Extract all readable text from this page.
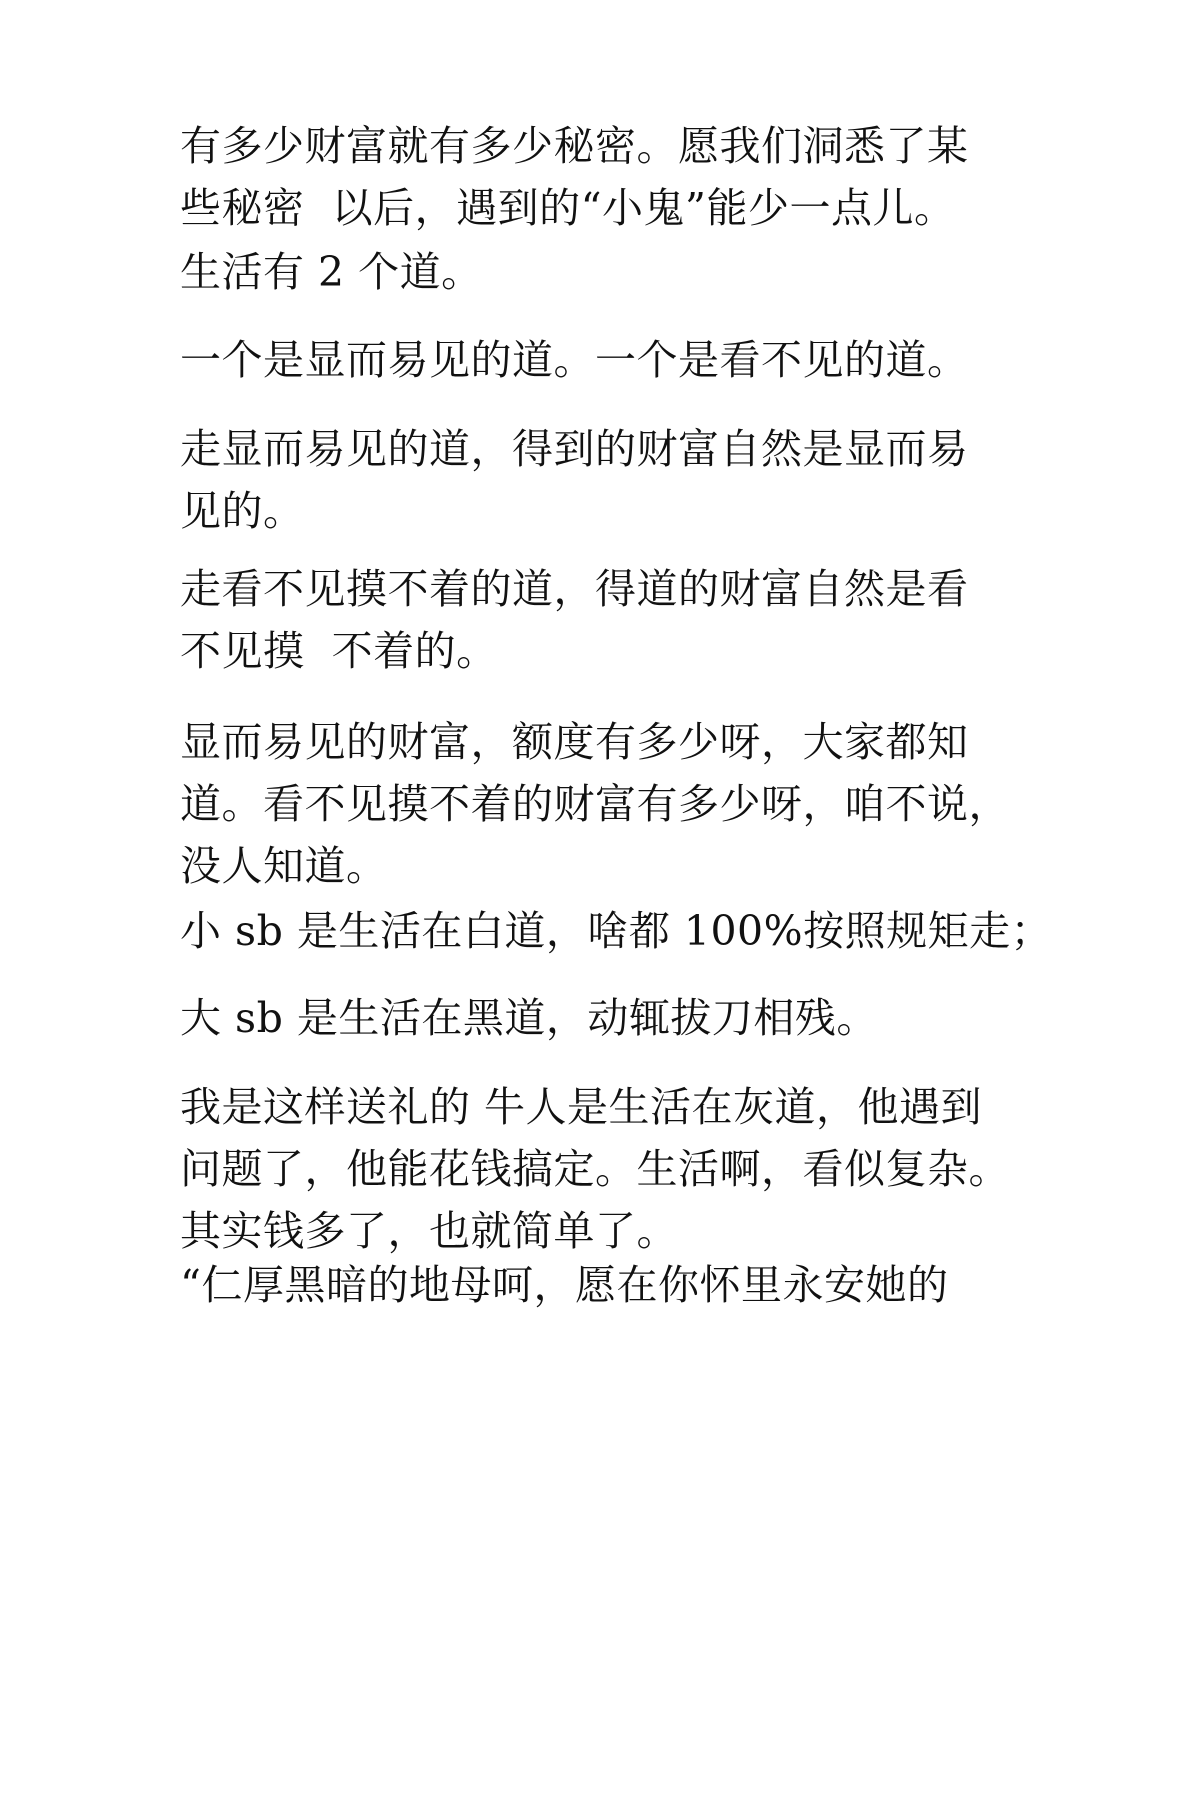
有多少财富就有多少秘密。愿我们洞悉了某
些秘密  以后，遇到的“小鬼”能少一点儿。

生活有 2 个道。

一个是显而易见的道。一个是看不见的道。

走显而易见的道，得到的财富自然是显而易
见的。

走看不见摸不着的道，得道的财富自然是看
不见摸  不着的。

显而易见的财富，额度有多少呀，大家都知
道。看不见摸不着的财富有多少呀，咱不说，
没人知道。

小 sb 是生活在白道，啥都 100%按照规矩走；

大 sb 是生活在黑道，动辄拔刀相残。

我是这样送礼的 牛人是生活在灰道，他遇到
问题了，他能花钱搞定。生活啊，看似复杂。
其实钱多了，也就简单了。

“仁厚黑暗的地母呵，愿在你怀里永安她的
